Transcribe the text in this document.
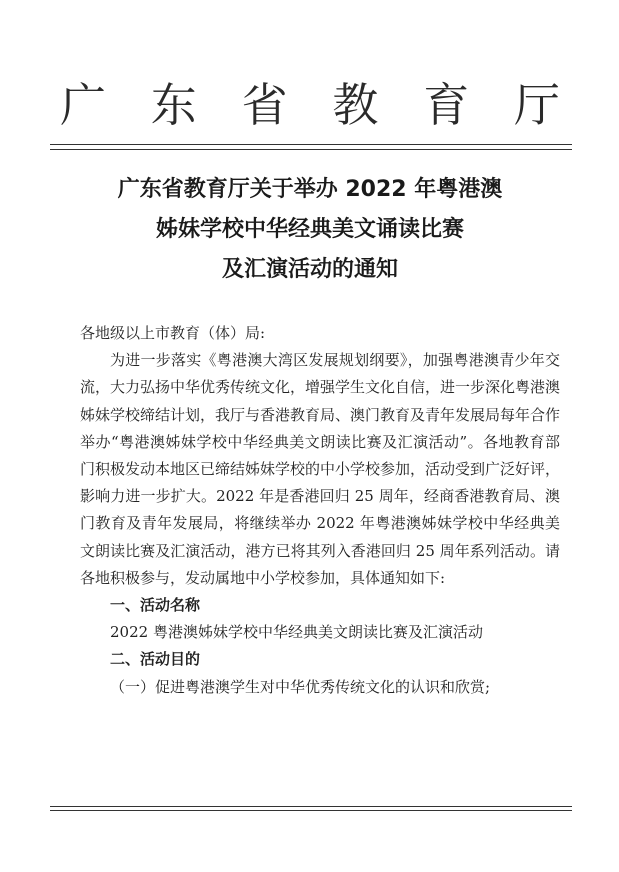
广 东 省 教 育 厅
广东省教育厅关于举办 2022 年粤港澳
姊妹学校中华经典美文诵读比赛
及汇演活动的通知

各地级以上市教育（体）局:

为进一步落实《粤港澳大湾区发展规划纲要》，加强粤港澳青少年交流，大力弘扬中华优秀传统文化，增强学生文化自信，进一步深化粤港澳姊妹学校缔结计划，我厅与香港教育局、澳门教育及青年发展局每年合作举办“粤港澳姊妹学校中华经典美文朗读比赛及汇演活动”。各地教育部门积极发动本地区已缔结姊妹学校的中小学校参加，活动受到广泛好评，影响力进一步扩大。2022 年是香港回归 25 周年，经商香港教育局、澳门教育及青年发展局，将继续举办 2022 年粤港澳姊妹学校中华经典美文朗读比赛及汇演活动，港方已将其列入香港回归 25 周年系列活动。请各地积极参与，发动属地中小学校参加，具体通知如下:

一、活动名称

2022 粤港澳姊妹学校中华经典美文朗读比赛及汇演活动

二、活动目的

（一）促进粤港澳学生对中华优秀传统文化的认识和欣赏;
